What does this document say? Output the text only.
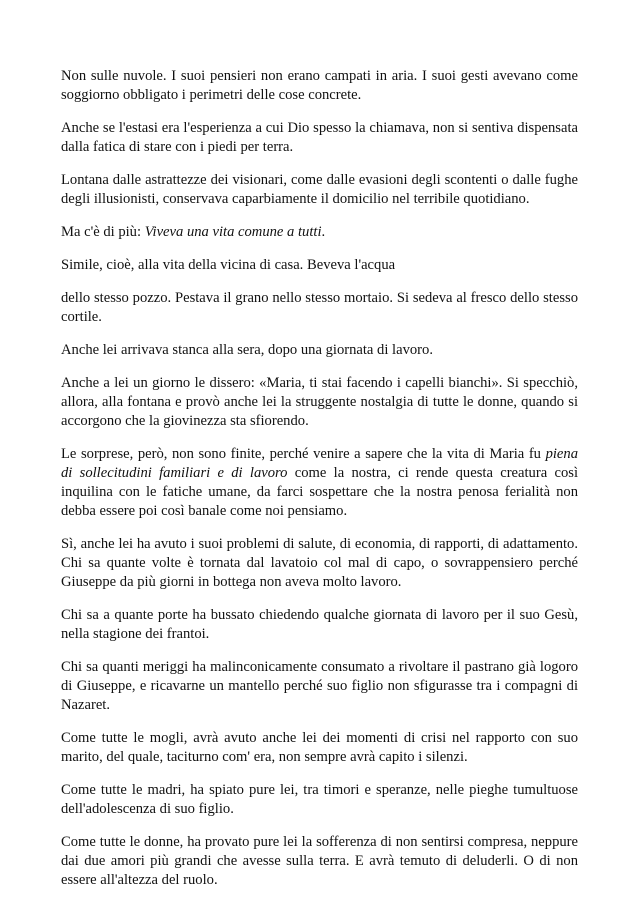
Non sulle nuvole. I suoi pensieri non erano campati in aria. I suoi gesti avevano come soggiorno obbligato i perimetri delle cose concrete.

Anche se l'estasi era l'esperienza a cui Dio spesso la chiamava, non si sentiva dispensata dalla fatica di stare con i piedi per terra.

Lontana dalle astrattezze dei visionari, come dalle evasioni degli scontenti o dalle fughe degli illusionisti, conservava caparbiamente il domicilio nel terribile quotidiano.

Ma c'è di più: Viveva una vita comune a tutti.

Simile, cioè, alla vita della vicina di casa. Beveva l'acqua

dello stesso pozzo. Pestava il grano nello stesso mortaio. Si sedeva al fresco dello stesso cortile.

Anche lei arrivava stanca alla sera, dopo una giornata di lavoro.

Anche a lei un giorno le dissero: «Maria, ti stai facendo i capelli bianchi». Si specchiò, allora, alla fontana e provò anche lei la struggente nostalgia di tutte le donne, quando si accorgono che la giovinezza sta sfiorendo.

Le sorprese, però, non sono finite, perché venire a sapere che la vita di Maria fu piena di sollecitudini familiari e di lavoro come la nostra, ci rende questa creatura così inquilina con le fatiche umane, da farci sospettare che la nostra penosa ferialità non debba essere poi così banale come noi pensiamo.

Sì, anche lei ha avuto i suoi problemi di salute, di economia, di rapporti, di adattamento. Chi sa quante volte è tornata dal lavatoio col mal di capo, o sovrappensiero perché Giuseppe da più giorni in bottega non aveva molto lavoro.

Chi sa a quante porte ha bussato chiedendo qualche giornata di lavoro per il suo Gesù, nella stagione dei frantoi.

Chi sa quanti meriggi ha malinconicamente consumato a rivoltare il pastrano già logoro di Giuseppe, e ricavarne un mantello perché suo figlio non sfigurasse tra i compagni di Nazaret.

Come tutte le mogli, avrà avuto anche lei dei momenti di crisi nel rapporto con suo marito, del quale, taciturno com' era, non sempre avrà capito i silenzi.

Come tutte le madri, ha spiato pure lei, tra timori e speranze, nelle pieghe tumultuose dell'adolescenza di suo figlio.

Come tutte le donne, ha provato pure lei la sofferenza di non sentirsi compresa, neppure dai due amori più grandi che avesse sulla terra. E avrà temuto di deluderli. O di non essere all'altezza del ruolo.
